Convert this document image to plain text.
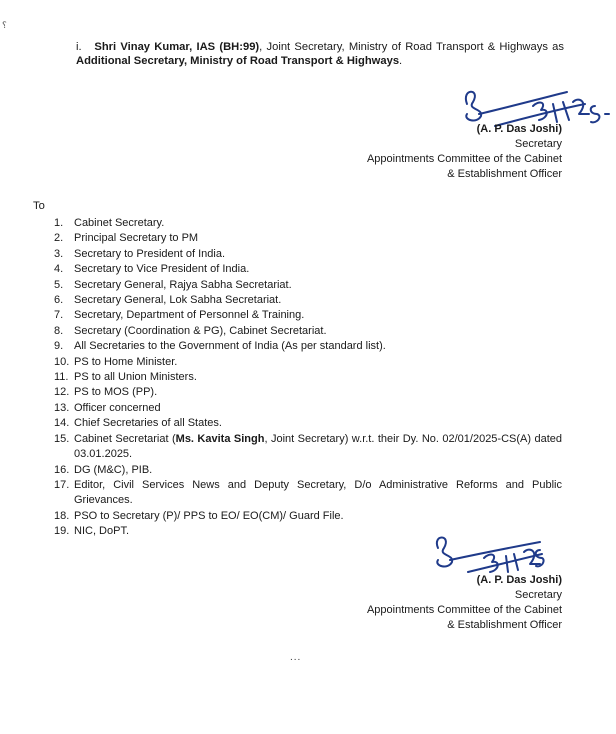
⸮
i. Shri Vinay Kumar, IAS (BH:99), Joint Secretary, Ministry of Road Transport & Highways as Additional Secretary, Ministry of Road Transport & Highways.
(A. P. Das Joshi)
Secretary
Appointments Committee of the Cabinet
& Establishment Officer
To
1. Cabinet Secretary.
2. Principal Secretary to PM
3. Secretary to President of India.
4. Secretary to Vice President of India.
5. Secretary General, Rajya Sabha Secretariat.
6. Secretary General, Lok Sabha Secretariat.
7. Secretary, Department of Personnel & Training.
8. Secretary (Coordination & PG), Cabinet Secretariat.
9. All Secretaries to the Government of India (As per standard list).
10. PS to Home Minister.
11. PS to all Union Ministers.
12. PS to MOS (PP).
13. Officer concerned
14. Chief Secretaries of all States.
15. Cabinet Secretariat (Ms. Kavita Singh, Joint Secretary) w.r.t. their Dy. No. 02/01/2025-CS(A) dated 03.01.2025.
16. DG (M&C), PIB.
17. Editor, Civil Services News and Deputy Secretary, D/o Administrative Reforms and Public Grievances.
18. PSO to Secretary (P)/ PPS to EO/ EO(CM)/ Guard File.
19. NIC, DoPT.
(A. P. Das Joshi)
Secretary
Appointments Committee of the Cabinet
& Establishment Officer
...
